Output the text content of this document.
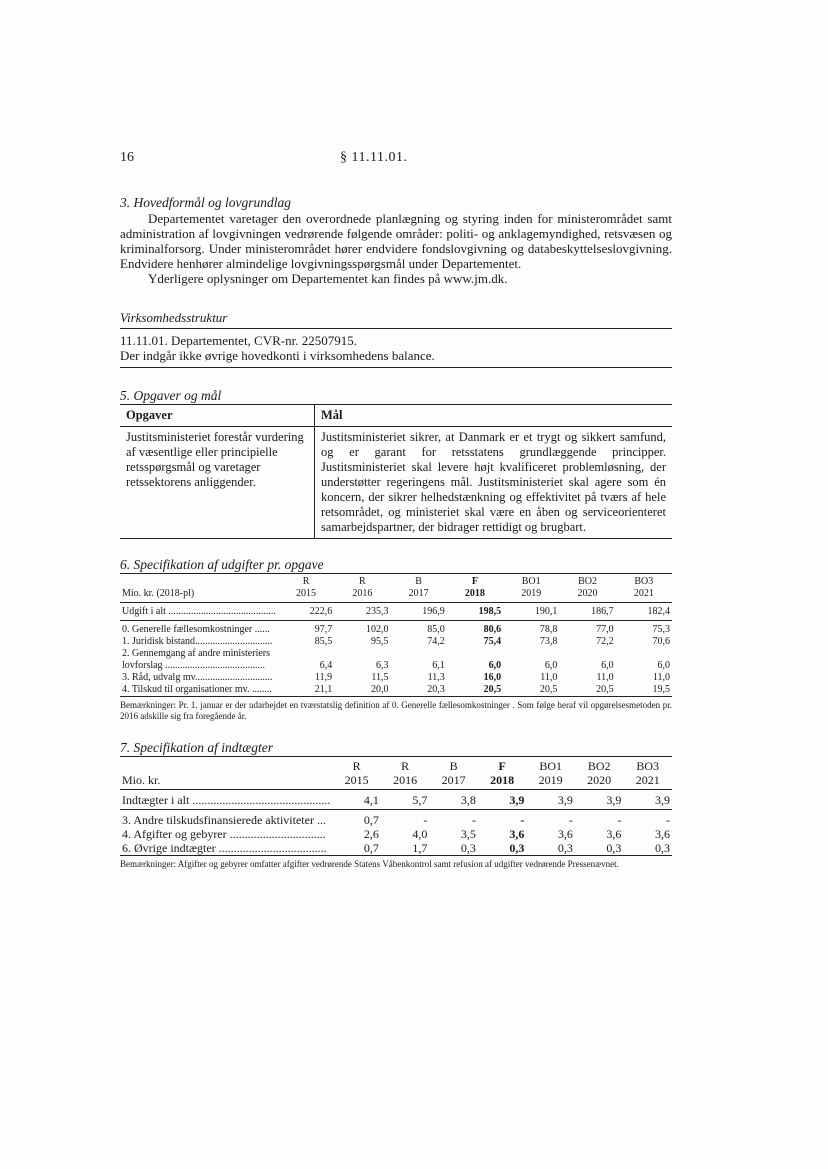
16	§ 11.11.01.
3. Hovedformål og lovgrundlag

Departementet varetager den overordnede planlægning og styring inden for ministerområdet samt administration af lovgivningen vedrørende følgende områder: politi- og anklagemyndighed, retsvæsen og kriminalforsorg. Under ministerområdet hører endvidere fondslovgivning og databeskyttelseslovgivning. Endvidere henhører almindelige lovgivningsspørgsmål under Departementet.

Yderligere oplysninger om Departementet kan findes på www.jm.dk.

Virksomhedsstruktur
11.11.01. Departementet, CVR-nr. 22507915.
Der indgår ikke øvrige hovedkonti i virksomhedens balance.
5. Opgaver og mål
Opgaver	Mål
Justitsministeriet forestår vurdering af væsentlige eller principielle retsspørgsmål og varetager retssektorens anliggender.	Justitsministeriet sikrer, at Danmark er et trygt og sikkert samfund, og er garant for retsstatens grundlæggende principper. Justitsministeriet skal levere højt kvalificeret problemløsning, der understøtter regeringens mål. Justitsministeriet skal agere som én koncern, der sikrer helhedstænkning og effektivitet på tværs af hele retsområdet, og ministeriet skal være en åben og serviceorienteret samarbejdspartner, der bidrager rettidigt og brugbart.
6. Specifikation af udgifter pr. opgave
	R	R	B	F	BO1	BO2	BO3
Mio. kr. (2018-pl)	2015	2016	2017	2018	2019	2020	2021
Udgift i alt ...........................................	222,6	235,3	196,9	198,5	190,1	186,7	182,4
0. Generelle fællesomkostninger ......	97,7	102,0	85,0	80,6	78,8	77,0	75,3
1. Juridisk bistand...............................	85,5	95,5	74,2	75,4	73,8	72,2	70,6
2. Gennemgang af andre ministeriers							
lovforslag ........................................	6,4	6,3	6,1	6,0	6,0	6,0	6,0
3. Råd, udvalg mv...............................	11,9	11,5	11,3	16,0	11,0	11,0	11,0
4. Tilskud til organisationer mv. ........	21,1	20,0	20,3	20,5	20,5	20,5	19,5
Bemærkninger: Pr. 1. januar er der udarbejdet en tværstatslig definition af 0. Generelle fællesomkostninger . Som følge heraf vil opgørelsesmetoden pr. 2016 adskille sig fra foregående år.
7. Specifikation af indtægter
	R	R	B	F	BO1	BO2	BO3
Mio. kr.	2015	2016	2017	2018	2019	2020	2021
Indtægter i alt ..............................................	4,1	5,7	3,8	3,9	3,9	3,9	3,9
3. Andre tilskudsfinansierede aktiviteter ...	0,7	-	-	-	-	-	-
4. Afgifter og gebyrer ................................	2,6	4,0	3,5	3,6	3,6	3,6	3,6
6. Øvrige indtægter ....................................	0,7	1,7	0,3	0,3	0,3	0,3	0,3
Bemærkninger: Afgifter og gebyrer omfatter afgifter vedrørende Statens Våbenkontrol samt refusion af udgifter vedrørende Pressenævnet.
